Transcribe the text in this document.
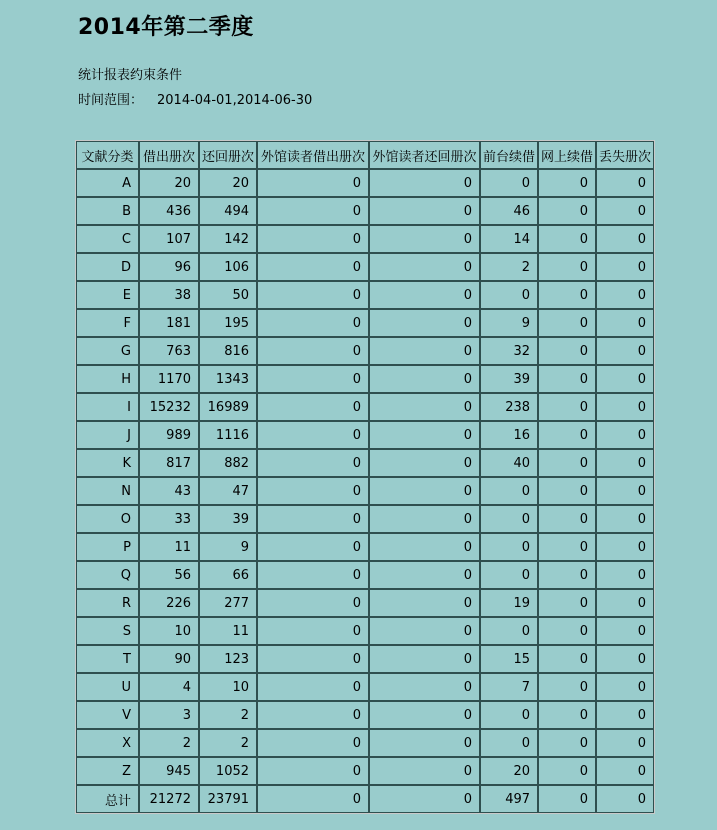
2014年第二季度
统计报表约束条件
时间范围： 2014-04-01,2014-06-30
文献分类	借出册次	还回册次	外馆读者借出册次	外馆读者还回册次	前台续借	网上续借	丢失册次
A	20	20	0	0	0	0	0
B	436	494	0	0	46	0	0
C	107	142	0	0	14	0	0
D	96	106	0	0	2	0	0
E	38	50	0	0	0	0	0
F	181	195	0	0	9	0	0
G	763	816	0	0	32	0	0
H	1170	1343	0	0	39	0	0
I	15232	16989	0	0	238	0	0
J	989	1116	0	0	16	0	0
K	817	882	0	0	40	0	0
N	43	47	0	0	0	0	0
O	33	39	0	0	0	0	0
P	11	9	0	0	0	0	0
Q	56	66	0	0	0	0	0
R	226	277	0	0	19	0	0
S	10	11	0	0	0	0	0
T	90	123	0	0	15	0	0
U	4	10	0	0	7	0	0
V	3	2	0	0	0	0	0
X	2	2	0	0	0	0	0
Z	945	1052	0	0	20	0	0
总计	21272	23791	0	0	497	0	0
